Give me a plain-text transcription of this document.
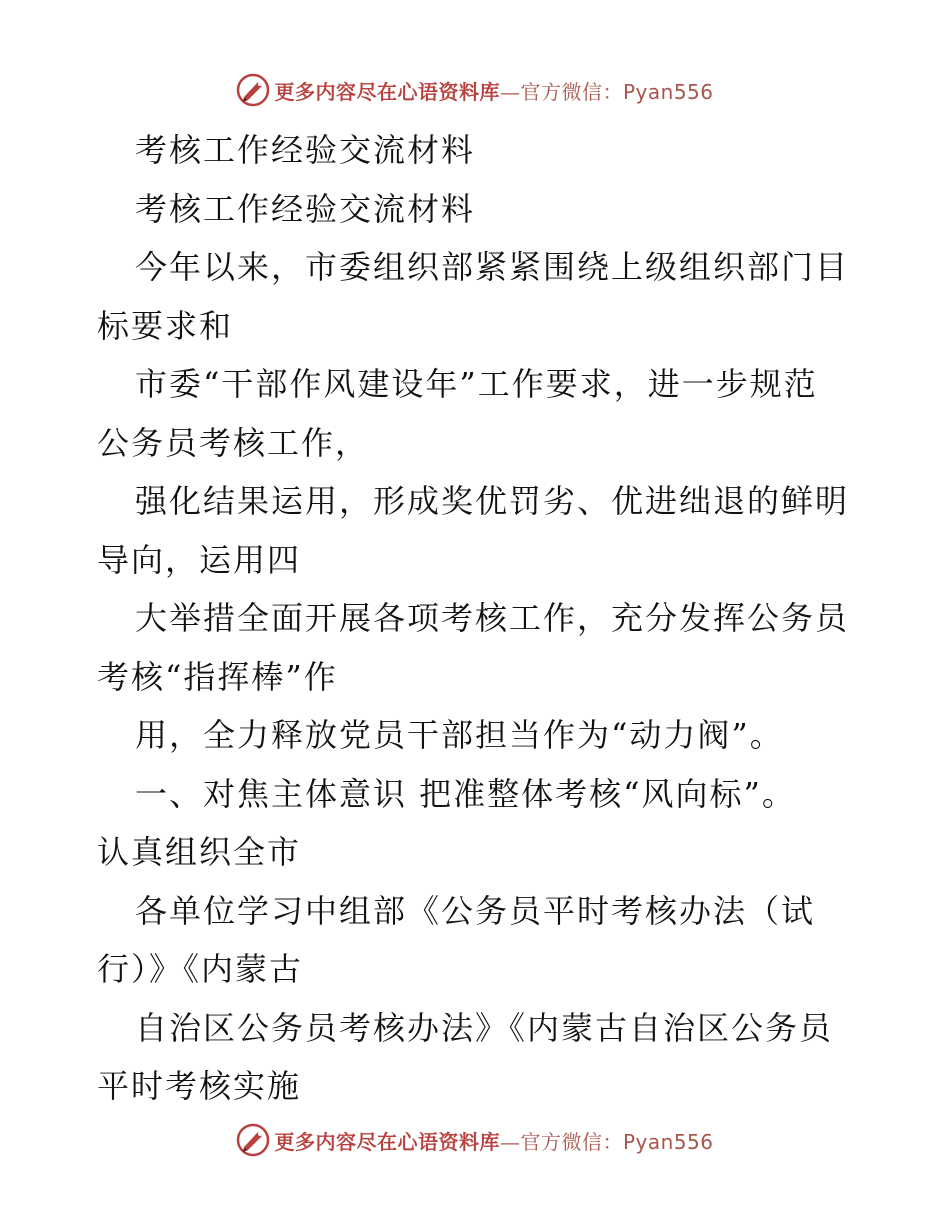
更多内容尽在心语资料库—官方微信：Pyan556
考核工作经验交流材料
考核工作经验交流材料
今年以来，市委组织部紧紧围绕上级组织部门目
标要求和
市委“干部作风建设年”工作要求，进一步规范
公务员考核工作，
强化结果运用，形成奖优罚劣、优进绌退的鲜明
导向，运用四
大举措全面开展各项考核工作，充分发挥公务员
考核“指挥棒”作
用，全力释放党员干部担当作为“动力阀”。
一、对焦主体意识 把准整体考核“风向标”。
认真组织全市
各单位学习中组部《公务员平时考核办法（试
行）》《内蒙古
自治区公务员考核办法》《内蒙古自治区公务员
平时考核实施
更多内容尽在心语资料库—官方微信：Pyan556
